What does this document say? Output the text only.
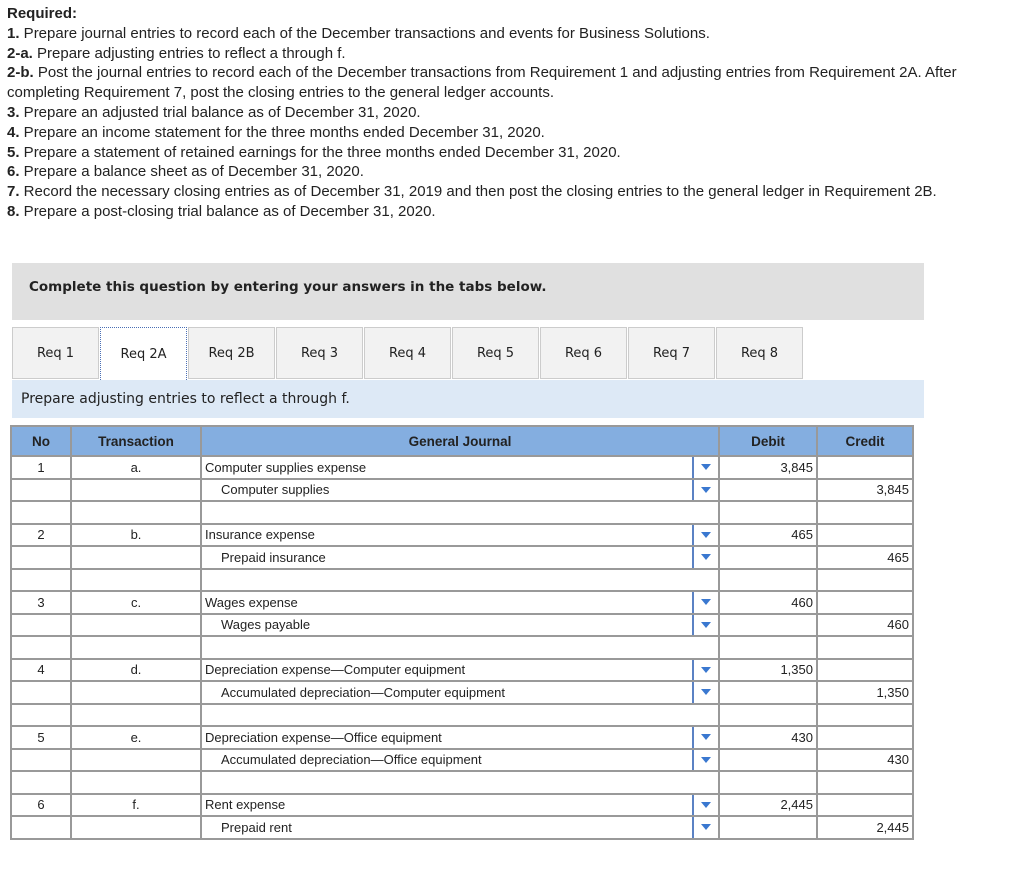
Required:

1. Prepare journal entries to record each of the December transactions and events for Business Solutions.

2-a. Prepare adjusting entries to reflect a through f.

2-b. Post the journal entries to record each of the December transactions from Requirement 1 and adjusting entries from Requirement 2A. After completing Requirement 7, post the closing entries to the general ledger accounts.

3. Prepare an adjusted trial balance as of December 31, 2020.

4. Prepare an income statement for the three months ended December 31, 2020.

5. Prepare a statement of retained earnings for the three months ended December 31, 2020.

6. Prepare a balance sheet as of December 31, 2020.

7. Record the necessary closing entries as of December 31, 2019 and then post the closing entries to the general ledger in Requirement 2B.

8. Prepare a post-closing trial balance as of December 31, 2020.

Complete this question by entering your answers in the tabs below.
Req 1	Req 2A	Req 2B	Req 3	Req 4	Req 5	Req 6	Req 7	Req 8
Prepare adjusting entries to reflect a through f.
No	Transaction	General Journal	Debit	Credit
1	a.	Computer supplies expense	3,845	
		Computer supplies		3,845

2	b.	Insurance expense	465	
		Prepaid insurance		465

3	c.	Wages expense	460	
		Wages payable		460

4	d.	Depreciation expense—Computer equipment	1,350	
		Accumulated depreciation—Computer equipment		1,350

5	e.	Depreciation expense—Office equipment	430	
		Accumulated depreciation—Office equipment		430

6	f.	Rent expense	2,445	
		Prepaid rent		2,445
